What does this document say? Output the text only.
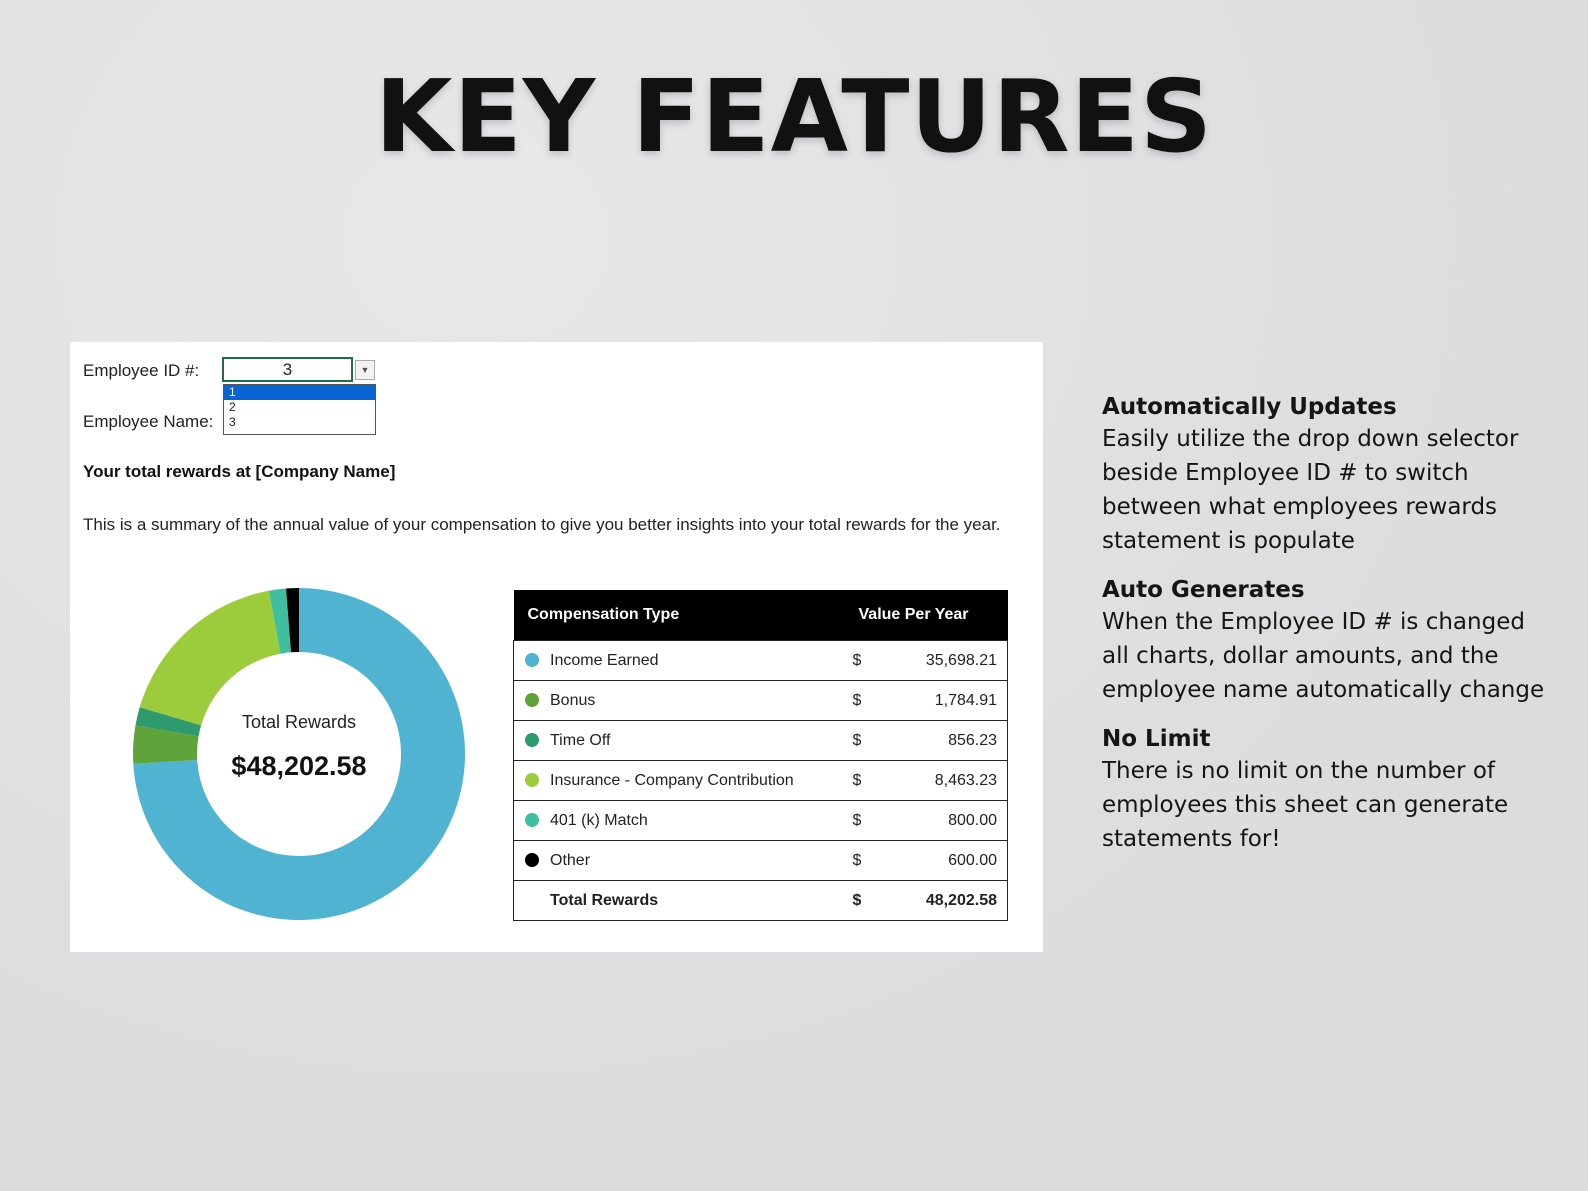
KEY FEATURES
Employee ID #:	3	▼
1
2
3
Employee Name:
Your total rewards at [Company Name]
This is a summary of the annual value of your compensation to give you better insights into your total rewards for the year.
Total Rewards
$48,202.58
Compensation Type	Value Per Year	
Income Earned	$	35,698.21
Bonus	$	1,784.91
Time Off	$	856.23
Insurance - Company Contribution	$	8,463.23
401 (k) Match	$	800.00
Other	$	600.00
Total Rewards	$	48,202.58
Automatically Updates
Easily utilize the drop down selector beside Employee ID # to switch between what employees rewards statement is populate
Auto Generates
When the Employee ID # is changed all charts, dollar amounts, and the employee name automatically change
No Limit
There is no limit on the number of employees this sheet can generate statements for!
